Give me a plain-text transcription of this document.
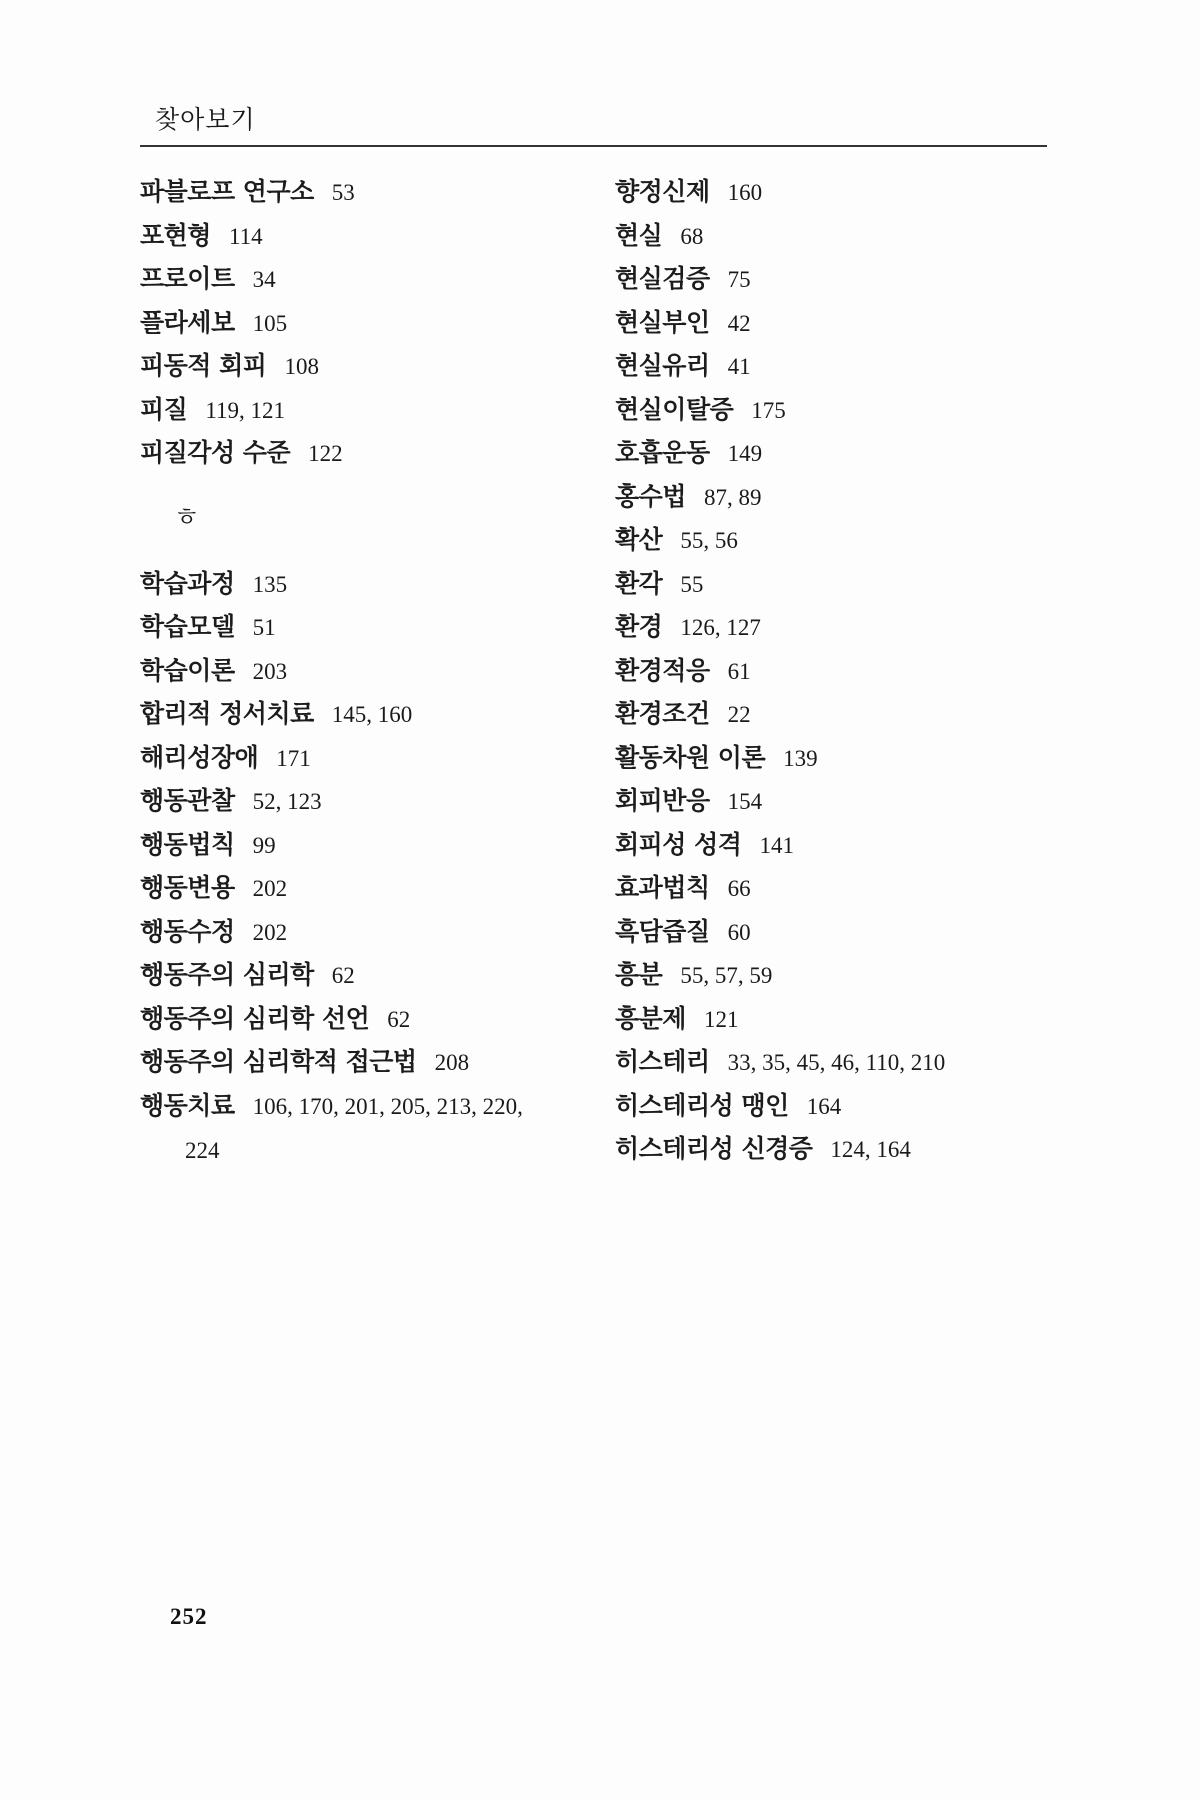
찾아보기
파블로프 연구소 53
포현형 114
프로이트 34
플라세보 105
피동적 회피 108
피질 119, 121
피질각성 수준 122
ㅎ
학습과정 135
학습모델 51
학습이론 203
합리적 정서치료 145, 160
해리성장애 171
행동관찰 52, 123
행동법칙 99
행동변용 202
행동수정 202
행동주의 심리학 62
행동주의 심리학 선언 62
행동주의 심리학적 접근법 208
행동치료 106, 170, 201, 205, 213, 220,
224
향정신제 160
현실 68
현실검증 75
현실부인 42
현실유리 41
현실이탈증 175
호흡운동 149
홍수법 87, 89
확산 55, 56
환각 55
환경 126, 127
환경적응 61
환경조건 22
활동차원 이론 139
회피반응 154
회피성 성격 141
효과법칙 66
흑담즙질 60
흥분 55, 57, 59
흥분제 121
히스테리 33, 35, 45, 46, 110, 210
히스테리성 맹인 164
히스테리성 신경증 124, 164
252
